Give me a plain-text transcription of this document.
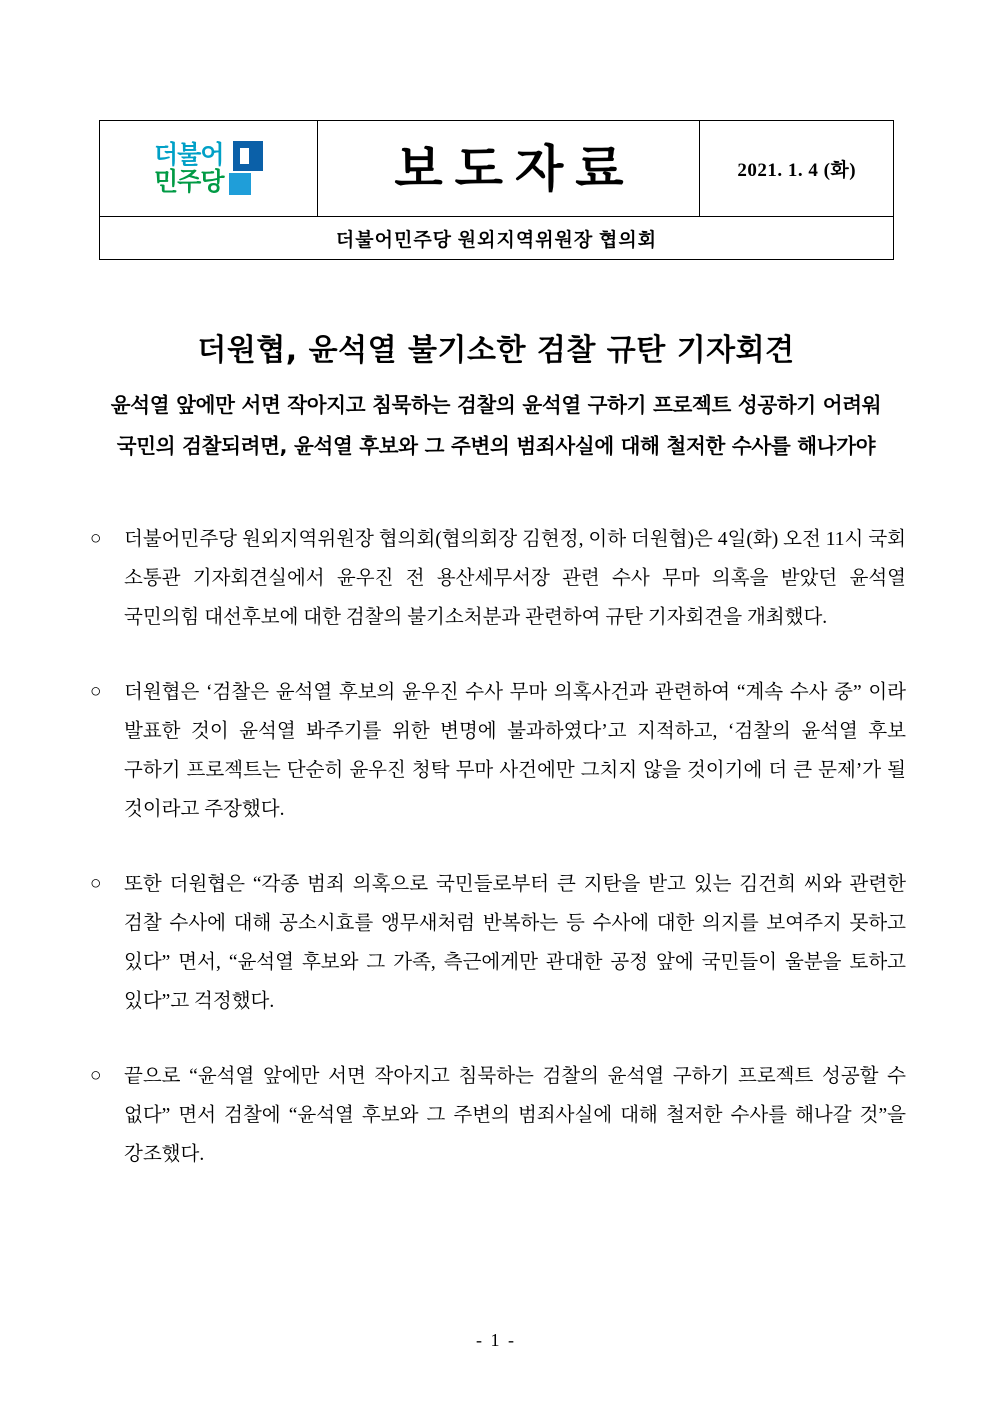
더불어
민주당	보도자료	2021. 1. 4 (화)

더불어민주당 원외지역위원장 협의회
더원협, 윤석열 불기소한 검찰 규탄 기자회견
윤석열 앞에만 서면 작아지고 침묵하는 검찰의 윤석열 구하기 프로젝트 성공하기 어려워
국민의 검찰되려면, 윤석열 후보와 그 주변의 범죄사실에 대해 철저한 수사를 해나가야
○ 더불어민주당 원외지역위원장 협의회(협의회장 김현정, 이하 더원협)은 4일(화) 오전 11시 국회 소통관 기자회견실에서 윤우진 전 용산세무서장 관련 수사 무마 의혹을 받았던 윤석열 국민의힘 대선후보에 대한 검찰의 불기소처분과 관련하여 규탄 기자회견을 개최했다.
○ 더원협은 ‘검찰은 윤석열 후보의 윤우진 수사 무마 의혹사건과 관련하여 “계속 수사 중” 이라 발표한 것이 윤석열 봐주기를 위한 변명에 불과하였다’고 지적하고, ‘검찰의 윤석열 후보 구하기 프로젝트는 단순히 윤우진 청탁 무마 사건에만 그치지 않을 것이기에 더 큰 문제’가 될 것이라고 주장했다.
○ 또한 더원협은 “각종 범죄 의혹으로 국민들로부터 큰 지탄을 받고 있는 김건희 씨와 관련한 검찰 수사에 대해 공소시효를 앵무새처럼 반복하는 등 수사에 대한 의지를 보여주지 못하고 있다” 면서, “윤석열 후보와 그 가족, 측근에게만 관대한 공정 앞에 국민들이 울분을 토하고 있다”고 걱정했다.
○ 끝으로 “윤석열 앞에만 서면 작아지고 침묵하는 검찰의 윤석열 구하기 프로젝트 성공할 수 없다” 면서 검찰에 “윤석열 후보와 그 주변의 범죄사실에 대해 철저한 수사를 해나갈 것”을 강조했다.
- 1 -
